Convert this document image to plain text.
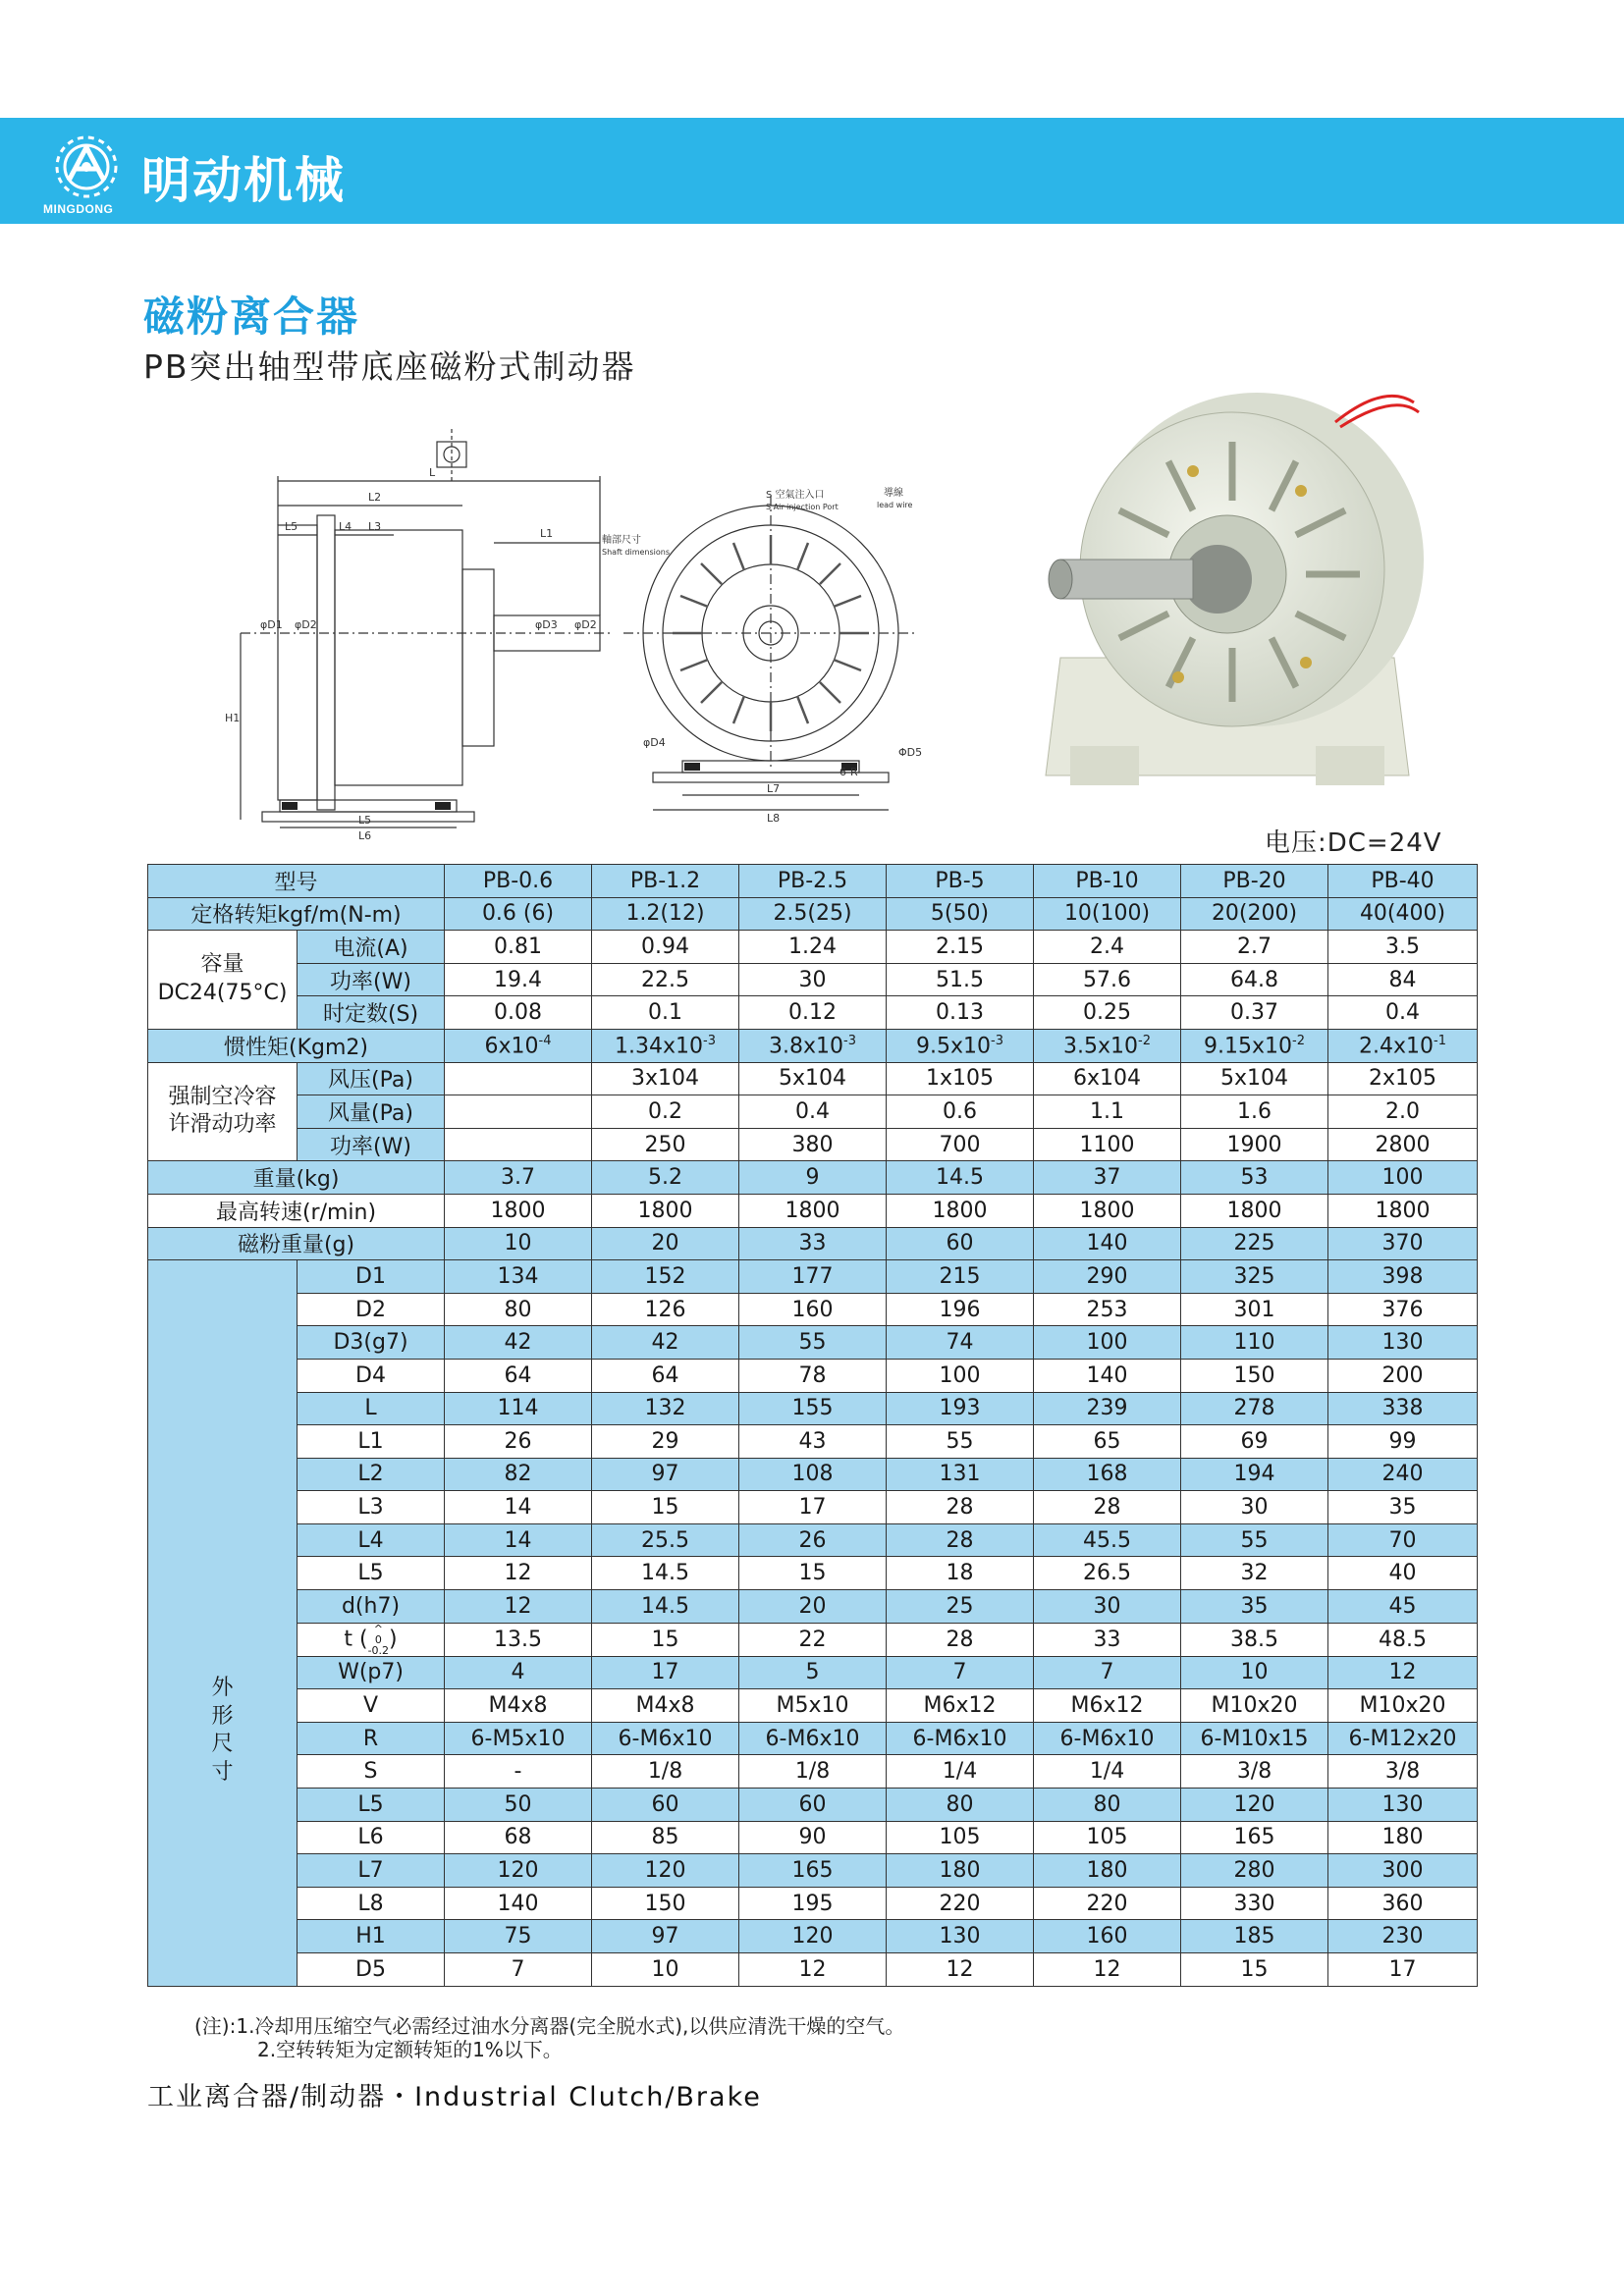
MINGDONG 明动机械
磁粉离合器
PB突出轴型带底座磁粉式制动器
L
L2
L5	L4 L3
L1
H1
φD1 φD2	φD3 φD2
L5
L6
L7
L8
φD4
ΦD5
6-R
S 空氣注入口
S Air injection Port
導線
lead wire
軸部尺寸
Shaft dimensions
电压:DC=24V
型号		PB-0.6	PB-1.2	PB-2.5	PB-5	PB-10	PB-20	PB-40
定格转矩kgf/m(N-m)		0.6 (6)	1.2(12)	2.5(25)	5(50)	10(100)	20(200)	40(400)

容量
DC24(75°C)	电流(A)	0.81	0.94	1.24	2.15	2.4	2.7	3.5
	功率(W)	19.4	22.5	30	51.5	57.6	64.8	84
	时定数(S)	0.08	0.1	0.12	0.13	0.25	0.37	0.4
惯性矩(Kgm2)		$6x10^{-4}$	$1.34x10^{-3}$	$3.8x10^{-3}$	$9.5x10^{-3}$	$3.5x10^{-2}$	$9.15x10^{-2}$	$2.4x10^{-1}$

强制空冷容
许滑动功率	风压(Pa)		3x104	5x104	1x105	6x104	5x104	2x105
	风量(Pa)		0.2	0.4	0.6	1.1	1.6	2.0
	功率(W)		250	380	700	1100	1900	2800
重量(kg)		3.7	5.2	9	14.5	37	53	100
最高转速(r/min)		1800	1800	1800	1800	1800	1800	1800
磁粉重量(g)		10	20	33	60	140	225	370

外
形
尺
寸	D1	134	152	177	215	290	325	398
	D2	80	126	160	196	253	301	376
	D3(g7)	42	42	55	74	100	110	130
	D4	64	64	78	100	140	150	200
	L	114	132	155	193	239	278	338
	L1	26	29	43	55	65	69	99
	L2	82	97	108	131	168	194	240
	L3	14	15	17	28	28	30	35
	L4	14	25.5	26	28	45.5	55	70
	L5	12	14.5	15	18	26.5	32	40
	d(h7)	12	14.5	20	25	30	35	45
	t ( ^
0
-0.2 )	13.5	15	22	28	33	38.5	48.5
	W(p7)	4	17	5	7	7	10	12
	V	M4x8	M4x8	M5x10	M6x12	M6x12	M10x20	M10x20
	R	6-M5x10	6-M6x10	6-M6x10	6-M6x10	6-M6x10	6-M10x15	6-M12x20
	S	-	1/8	1/8	1/4	1/4	3/8	3/8
	L5	50	60	60	80	80	120	130
	L6	68	85	90	105	105	165	180
	L7	120	120	165	180	180	280	300
	L8	140	150	195	220	220	330	360
	H1	75	97	120	130	160	185	230
	D5	7	10	12	12	12	15	17
(注):1.冷却用压缩空气必需经过油水分离器(完全脱水式),以供应清洗干燥的空气。
2.空转转矩为定额转矩的1%以下。
工业离合器/制动器・Industrial Clutch/Brake
